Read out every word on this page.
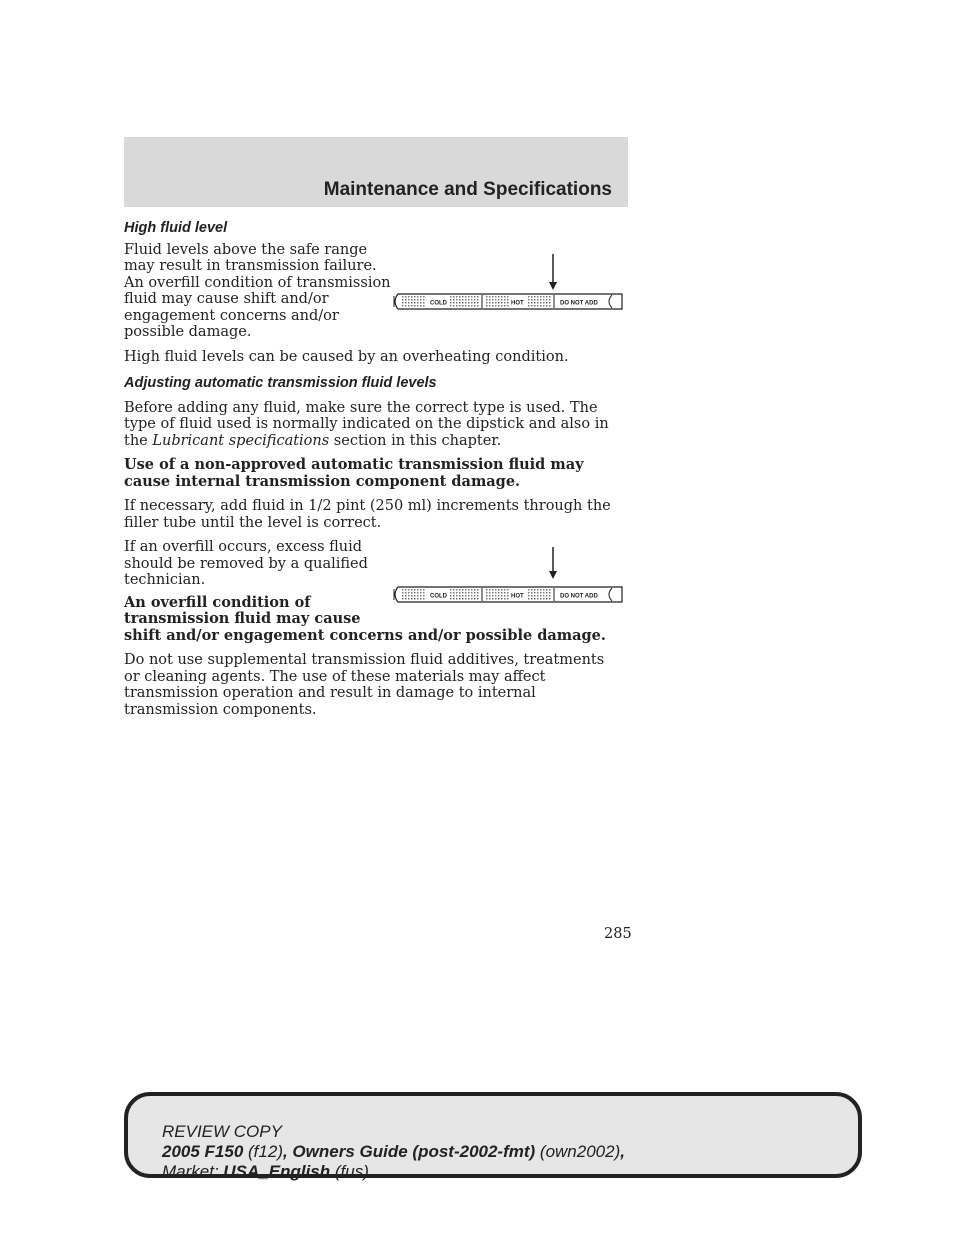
Maintenance and Specifications
COLD	HOT	DO NOT ADD
COLD	HOT	DO NOT ADD
High fluid level

Fluid levels above the safe range
may result in transmission failure.
An overfill condition of transmission
fluid may cause shift and/or
engagement concerns and/or
possible damage.

High fluid levels can be caused by an overheating condition.

Adjusting automatic transmission fluid levels

Before adding any fluid, make sure the correct type is used. The type of fluid used is normally indicated on the dipstick and also in the Lubricant specifications section in this chapter.

Use of a non-approved automatic transmission fluid may cause internal transmission component damage.

If necessary, add fluid in 1/2 pint (250 ml) increments through the filler tube until the level is correct.

If an overfill occurs, excess fluid
should be removed by a qualified
technician.

An overfill condition of
transmission fluid may cause
shift and/or engagement concerns and/or possible damage.

Do not use supplemental transmission fluid additives, treatments or cleaning agents. The use of these materials may affect transmission operation and result in damage to internal transmission components.

285
REVIEW COPY
2005 F150 (f12), Owners Guide (post-2002-fmt) (own2002),
Market: USA_English (fus)
